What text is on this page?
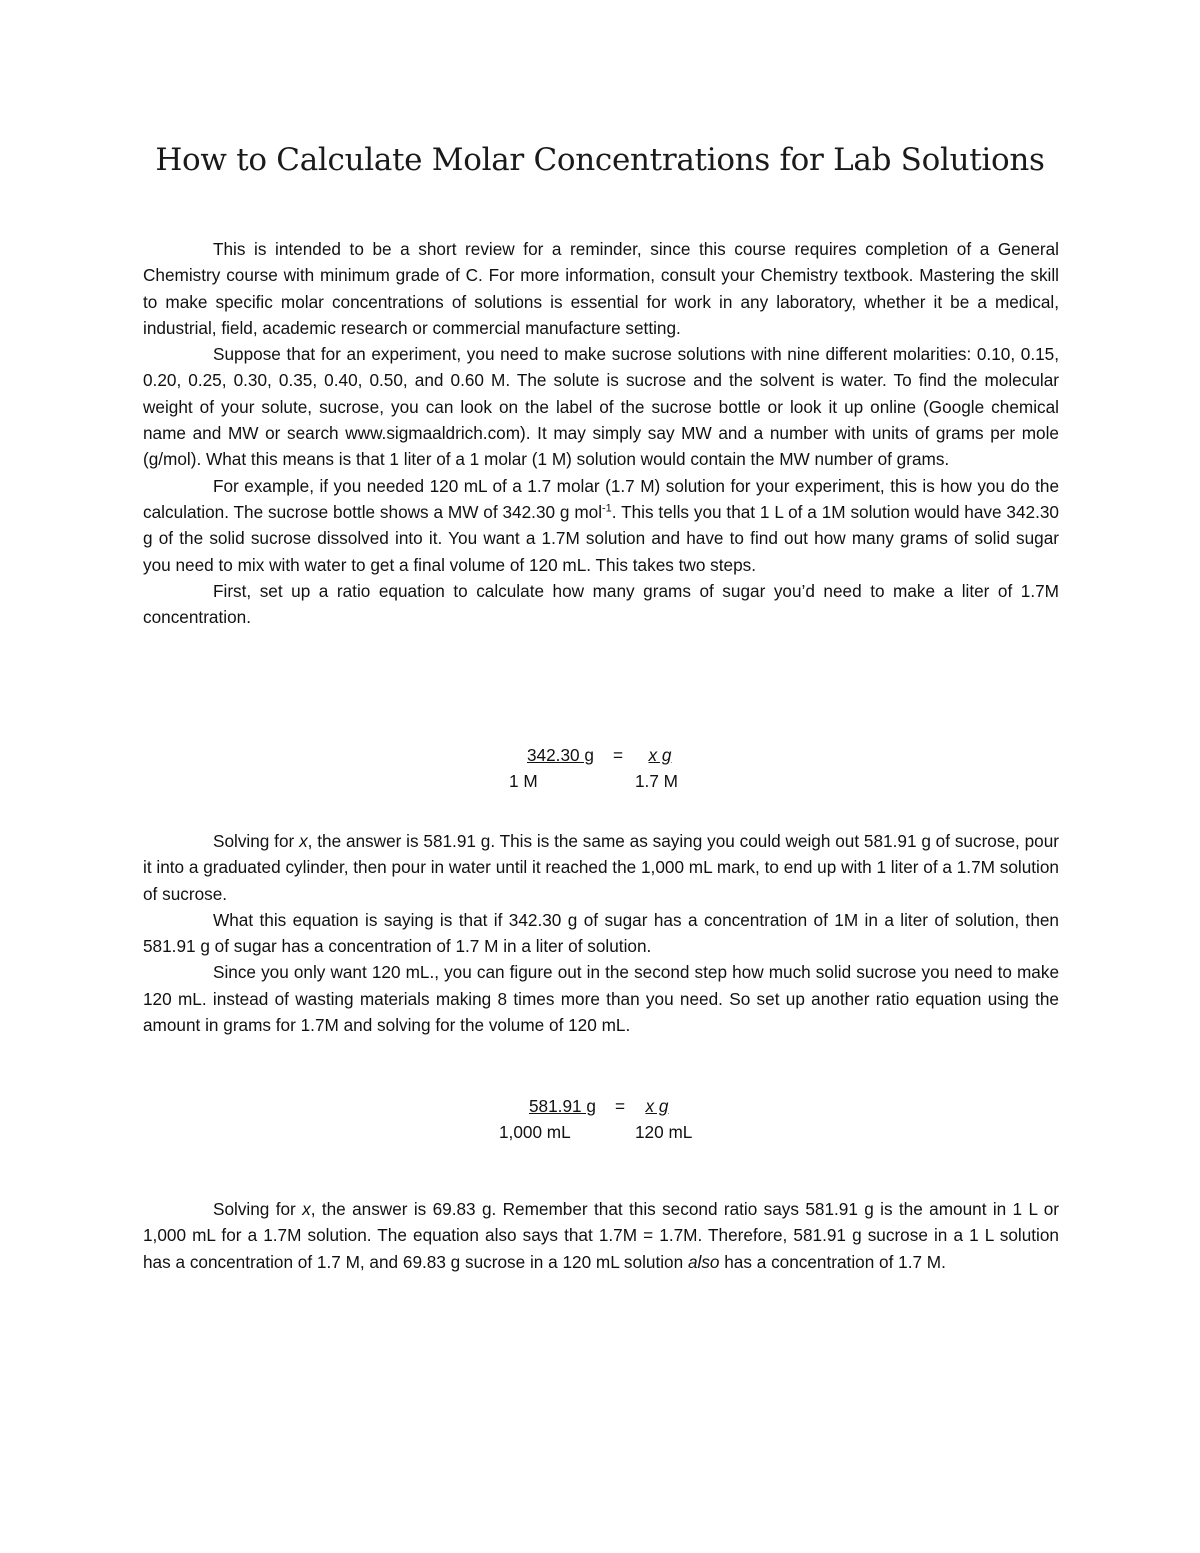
How to Calculate Molar Concentrations for Lab Solutions

This is intended to be a short review for a reminder, since this course requires completion of a General Chemistry course with minimum grade of C. For more information, consult your Chemistry textbook. Mastering the skill to make specific molar concentrations of solutions is essential for work in any laboratory, whether it be a medical, industrial, field, academic research or commercial manufacture setting.

Suppose that for an experiment, you need to make sucrose solutions with nine different molarities: 0.10, 0.15, 0.20, 0.25, 0.30, 0.35, 0.40, 0.50, and 0.60 M. The solute is sucrose and the solvent is water. To find the molecular weight of your solute, sucrose, you can look on the label of the sucrose bottle or look it up online (Google chemical name and MW or search www.sigmaaldrich.com). It may simply say MW and a number with units of grams per mole (g/mol). What this means is that 1 liter of a 1 molar (1 M) solution would contain the MW number of grams.

For example, if you needed 120 mL of a 1.7 molar (1.7 M) solution for your experiment, this is how you do the calculation. The sucrose bottle shows a MW of 342.30 g mol$^{-1}$. This tells you that 1 L of a 1M solution would have 342.30 g of the solid sucrose dissolved into it. You want a 1.7M solution and have to find out how many grams of solid sugar you need to mix with water to get a final volume of 120 mL. This takes two steps.

First, set up a ratio equation to calculate how many grams of sugar you’d need to make a liter of 1.7M concentration.

342.30 g =	x g
1 M	1.7 M

Solving for x, the answer is 581.91 g. This is the same as saying you could weigh out 581.91 g of sucrose, pour it into a graduated cylinder, then pour in water until it reached the 1,000 mL mark, to end up with 1 liter of a 1.7M solution of sucrose.

What this equation is saying is that if 342.30 g of sugar has a concentration of 1M in a liter of solution, then 581.91 g of sugar has a concentration of 1.7 M in a liter of solution.

Since you only want 120 mL., you can figure out in the second step how much solid sucrose you need to make 120 mL. instead of wasting materials making 8 times more than you need. So set up another ratio equation using the amount in grams for 1.7M and solving for the volume of 120 mL.

581.91 g =	x g
1,000 mL	120 mL

Solving for x, the answer is 69.83 g. Remember that this second ratio says 581.91 g is the amount in 1 L or 1,000 mL for a 1.7M solution. The equation also says that 1.7M = 1.7M. Therefore, 581.91 g sucrose in a 1 L solution has a concentration of 1.7 M, and 69.83 g sucrose in a 120 mL solution also has a concentration of 1.7 M.
